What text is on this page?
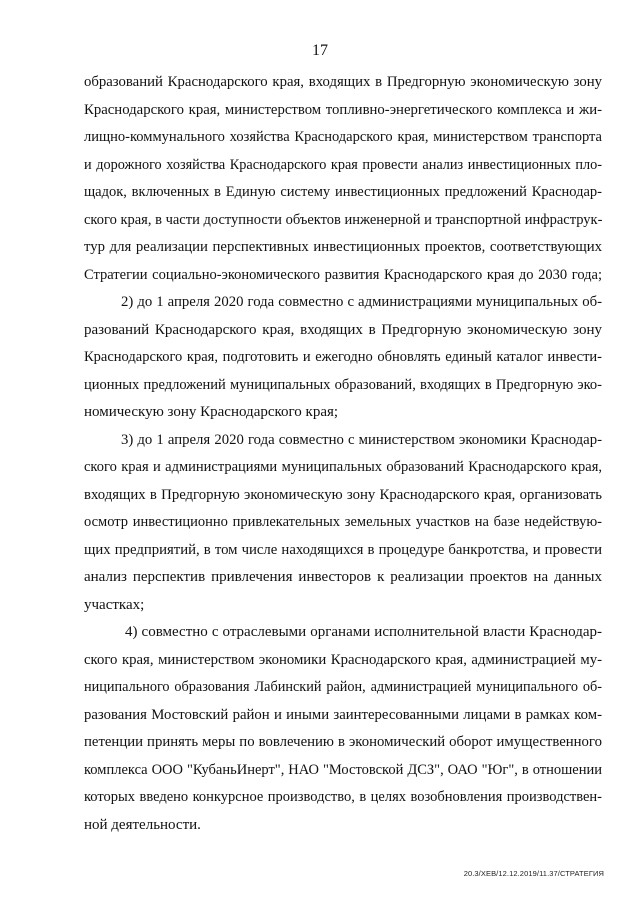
17
образований Краснодарского края, входящих в Предгорную экономическую зону
Краснодарского края, министерством топливно-энергетического комплекса и жи-
лищно-коммунального хозяйства Краснодарского края, министерством транспорта
и дорожного хозяйства Краснодарского края провести анализ инвестиционных пло-
щадок, включенных в Единую систему инвестиционных предложений Краснодар-
ского края, в части доступности объектов инженерной и транспортной инфраструк-
тур для реализации перспективных инвестиционных проектов, соответствующих
Стратегии социально-экономического развития Краснодарского края до 2030 года;
2) до 1 апреля 2020 года совместно с администрациями муниципальных об-
разований Краснодарского края, входящих в Предгорную экономическую зону
Краснодарского края, подготовить и ежегодно обновлять единый каталог инвести-
ционных предложений муниципальных образований, входящих в Предгорную эко-
номическую зону Краснодарского края;
3) до 1 апреля 2020 года совместно с министерством экономики Краснодар-
ского края и администрациями муниципальных образований Краснодарского края,
входящих в Предгорную экономическую зону Краснодарского края, организовать
осмотр инвестиционно привлекательных земельных участков на базе недействую-
щих предприятий, в том числе находящихся в процедуре банкротства, и провести
анализ перспектив привлечения инвесторов к реализации проектов на данных
участках;
4) совместно с отраслевыми органами исполнительной власти Краснодар-
ского края, министерством экономики Краснодарского края, администрацией му-
ниципального образования Лабинский район, администрацией муниципального об-
разования Мостовский район и иными заинтересованными лицами в рамках ком-
петенции принять меры по вовлечению в экономический оборот имущественного
комплекса ООО "КубаньИнерт", НАО "Мостовской ДСЗ", ОАО "Юг", в отношении
которых введено конкурсное производство, в целях возобновления производствен-
ной деятельности.
20.3/ХЕВ/12.12.2019/11.37/СТРАТЕГИЯ
